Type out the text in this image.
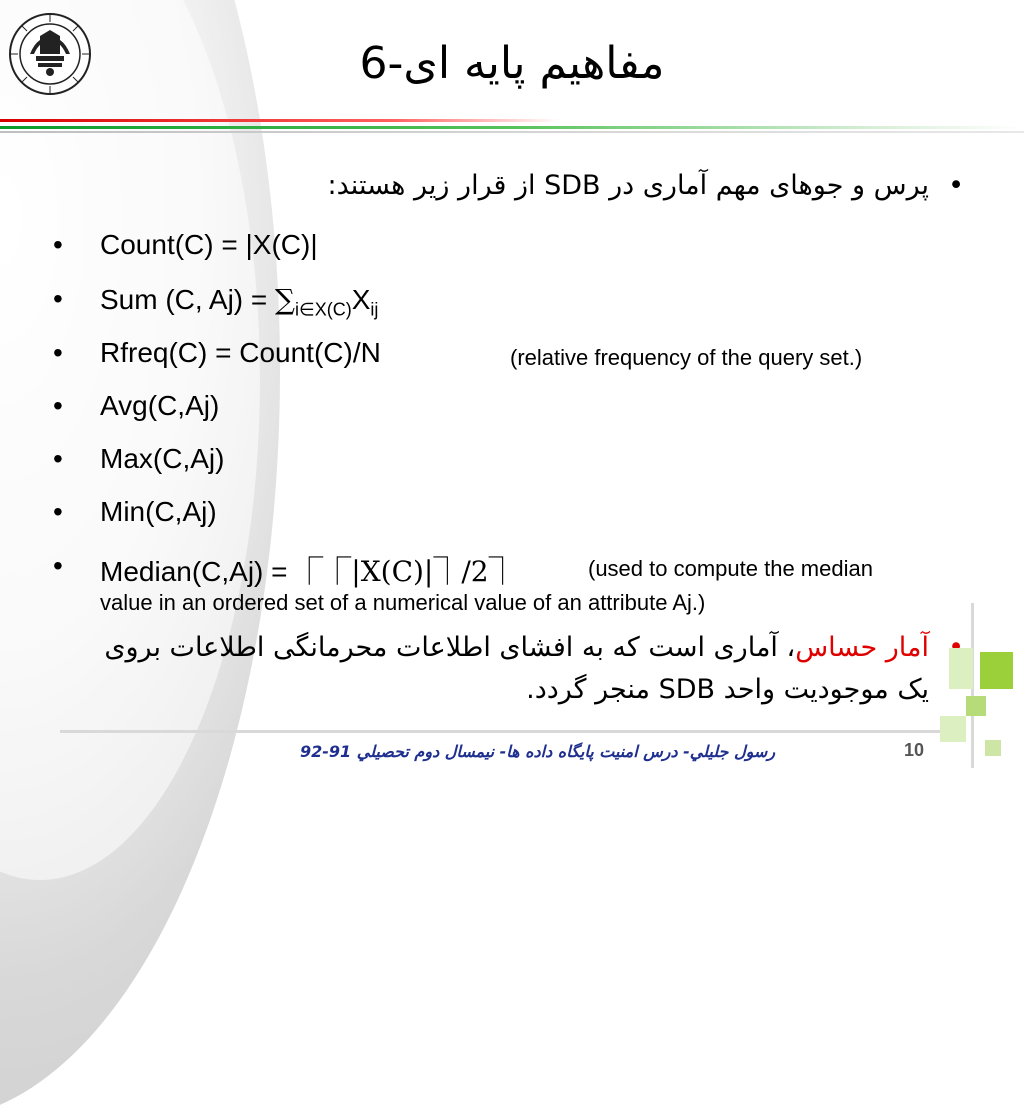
مفاهیم پایه ای-6
•
پرس و جوهای مهم آماری در SDB از قرار زیر هستند:
• Count(C) = |X(C)|
• Sum (C, $Aj) = \sum_{i\in X(C)}X_{ij}$
• Rfreq(C) = Count(C)/N	(relative frequency of the query set.)
• Avg(C,Aj)
• Max(C,Aj)
• Min(C,Aj)
• Median(C,Aj) = ⎾⎾|X(C)|⏋/2⏋	(used to compute the median
value in an ordered set of a numerical value of an attribute Aj.)
آمار حساس، آماری است که به افشای اطلاعات محرمانگی اطلاعات بروی
یک موجودیت واحد SDB منجر گردد.
رسول جليلي- درس امنيت پايگاه داده ها- نيمسال دوم تحصيلي 91-92	10
